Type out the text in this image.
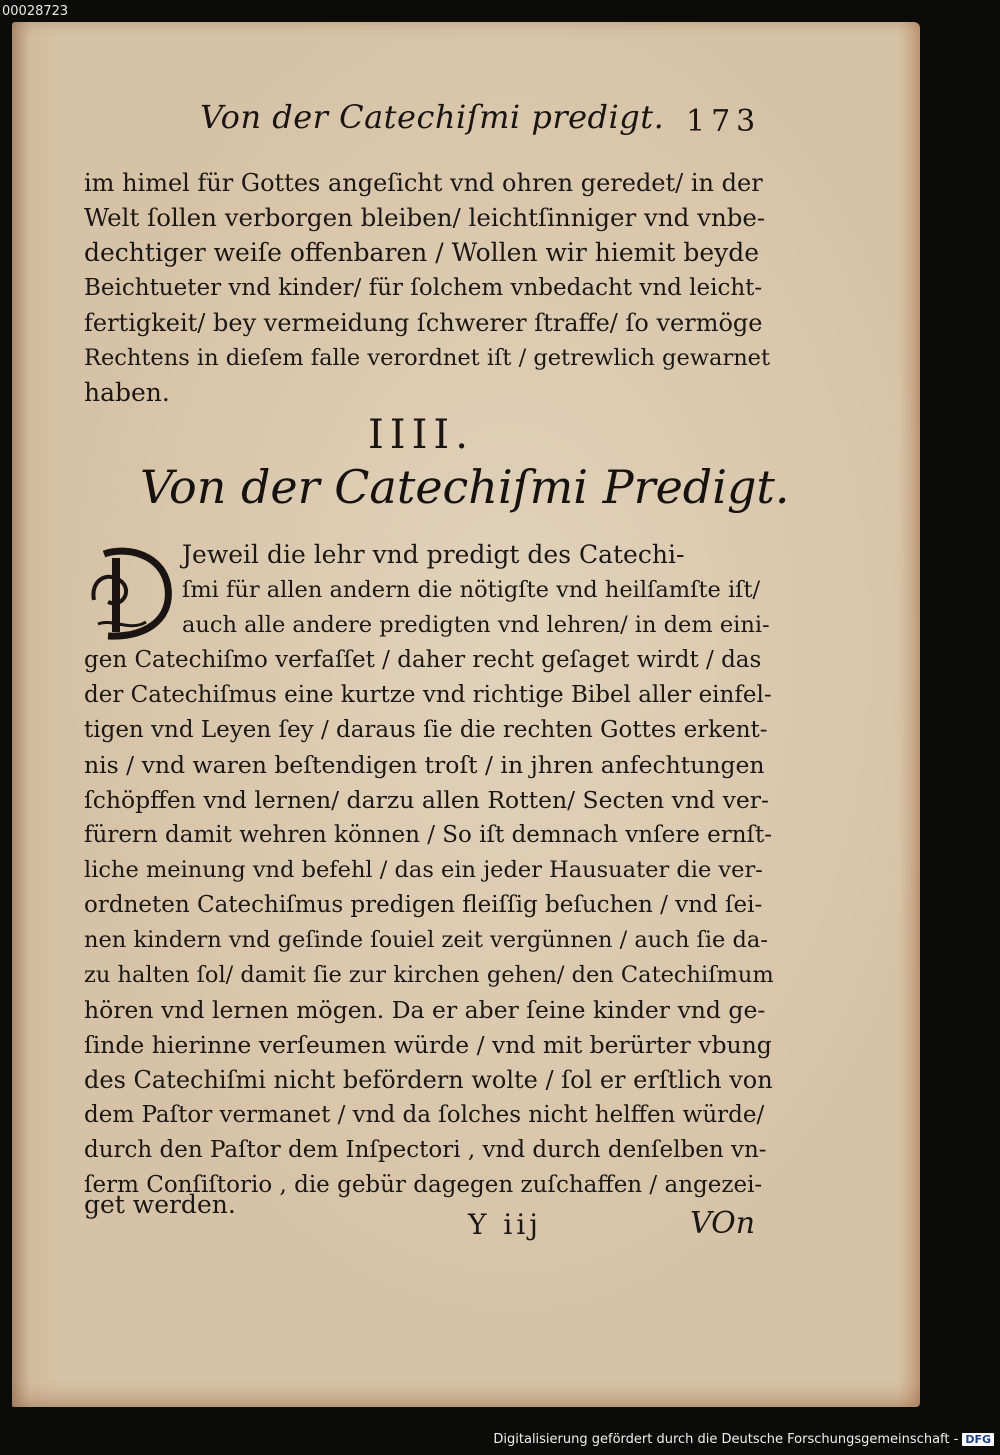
00028723
Von der Catechiſmi predigt. 173
im himel für Gottes angeſicht vnd ohren geredet/ in der
Welt ſollen verborgen bleiben/ leichtſinniger vnd vnbe-
dechtiger weiſe offenbaren / Wollen wir hiemit beyde
Beichtueter vnd kinder/ für ſolchem vnbedacht vnd leicht-
fertigkeit/ bey vermeidung ſchwerer ſtraffe/ ſo vermöge
Rechtens in dieſem falle verordnet iſt / getrewlich gewarnet
haben.
IIII.
Von der Catechiſmi Predigt.
Jeweil die lehr vnd predigt des Catechi-
ſmi für allen andern die nötigſte vnd heilſamſte iſt/
auch alle andere predigten vnd lehren/ in dem eini-
gen Catechiſmo verfaſſet / daher recht geſaget wirdt / das
der Catechiſmus eine kurtze vnd richtige Bibel aller einfel-
tigen vnd Leyen ſey / daraus ſie die rechten Gottes erkent-
nis / vnd waren beſtendigen troſt / in jhren anfechtungen
ſchöpffen vnd lernen/ darzu allen Rotten/ Secten vnd ver-
fürern damit wehren können / So iſt demnach vnſere ernſt-
liche meinung vnd befehl / das ein jeder Hausuater die ver-
ordneten Catechiſmus predigen fleiſſig beſuchen / vnd ſei-
nen kindern vnd geſinde ſouiel zeit vergünnen / auch ſie da-
zu halten ſol/ damit ſie zur kirchen gehen/ den Catechiſmum
hören vnd lernen mögen. Da er aber ſeine kinder vnd ge-
ſinde hierinne verſeumen würde / vnd mit berürter vbung
des Catechiſmi nicht befördern wolte / ſol er erſtlich von
dem Paſtor vermanet / vnd da ſolches nicht helffen würde/
durch den Paſtor dem Inſpectori , vnd durch denſelben vn-
ſerm Conſiſtorio , die gebür dagegen zuſchaffen / angezei-
get werden.
Y iij	VOn
Digitalisierung gefördert durch die Deutsche Forschungsgemeinschaft - DFG
